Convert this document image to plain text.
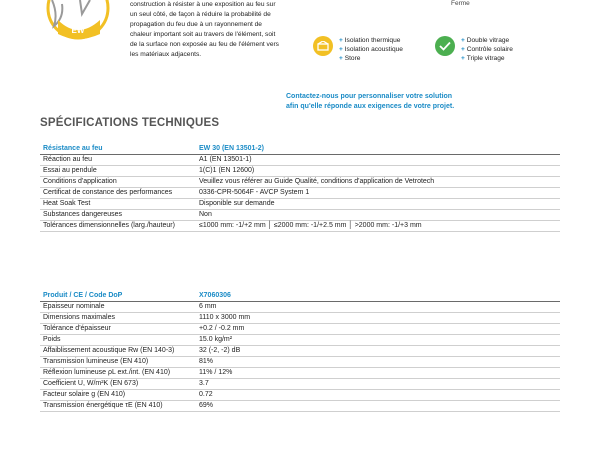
EW
construction à résister à une exposition au feu sur
un seul côté, de façon à réduire la probabilité de
propagation du feu due à un rayonnement de
chaleur important soit au travers de l'élément, soit
de la surface non exposée au feu de l'élément vers
les matériaux adjacents.
Ferme
+ Isolation thermique
+ Isolation acoustique
+ Store
+ Double vitrage
+ Contrôle solaire
+ Triple vitrage
Contactez-nous pour personnaliser votre solution
afin qu'elle réponde aux exigences de votre projet.
SPÉCIFICATIONS TECHNIQUES
Résistance au feu	EW 30 (EN 13501-2)
Réaction au feu	A1 (EN 13501-1)
Essai au pendule	1(C)1 (EN 12600)
Conditions d'application	Veuillez vous référer au Guide Qualité, conditions d'application de Vetrotech
Certificat de constance des performances	0336-CPR-5064F - AVCP System 1
Heat Soak Test	Disponible sur demande
Substances dangereuses	Non
Tolérances dimensionnelles (larg./hauteur)	≤1000 mm: -1/+2 mm │ ≤2000 mm: -1/+2.5 mm │ >2000 mm: -1/+3 mm
Produit / CE / Code DoP	X7060306
Epaisseur nominale	6 mm
Dimensions maximales	1110 x 3000 mm
Tolérance d'épaisseur	+0.2 / -0.2 mm
Poids	15.0 kg/m²
Affaiblissement acoustique Rw (EN 140-3)	32 (-2, -2) dB
Transmission lumineuse (EN 410)	81%
Réflexion lumineuse ρL ext./int. (EN 410)	11% / 12%
Coefficient U, W/m²K (EN 673)	3.7
Facteur solaire g (EN 410)	0.72
Transmission énergétique τE (EN 410)	69%
